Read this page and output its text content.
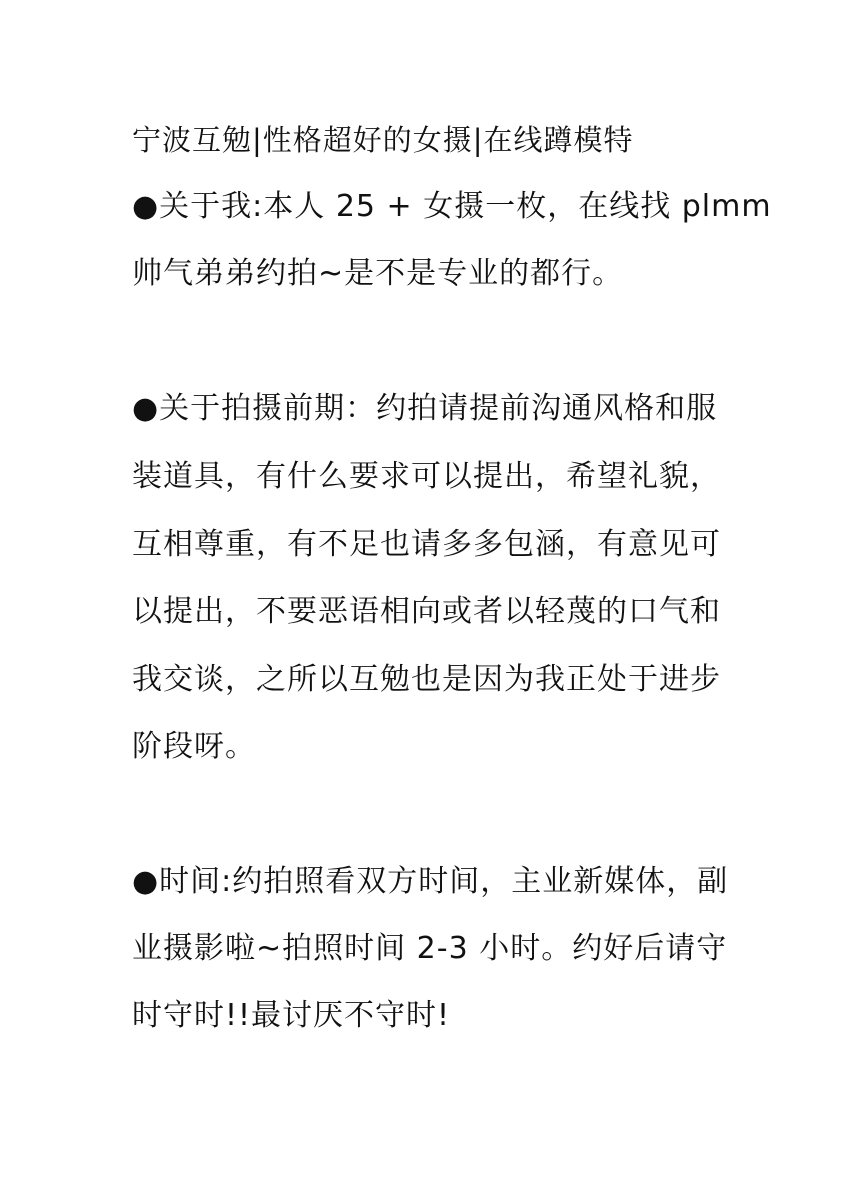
宁波互勉|性格超好的女摄|在线蹲模特
●关于我:本人 25 + 女摄一枚，在线找 plmm
帅气弟弟约拍~是不是专业的都行。
●关于拍摄前期：约拍请提前沟通风格和服
装道具，有什么要求可以提出，希望礼貌，
互相尊重，有不足也请多多包涵，有意见可
以提出，不要恶语相向或者以轻蔑的口气和
我交谈，之所以互勉也是因为我正处于进步
阶段呀。
●时间:约拍照看双方时间，主业新媒体，副
业摄影啦~拍照时间 2-3 小时。约好后请守
时守时!!最讨厌不守时!
